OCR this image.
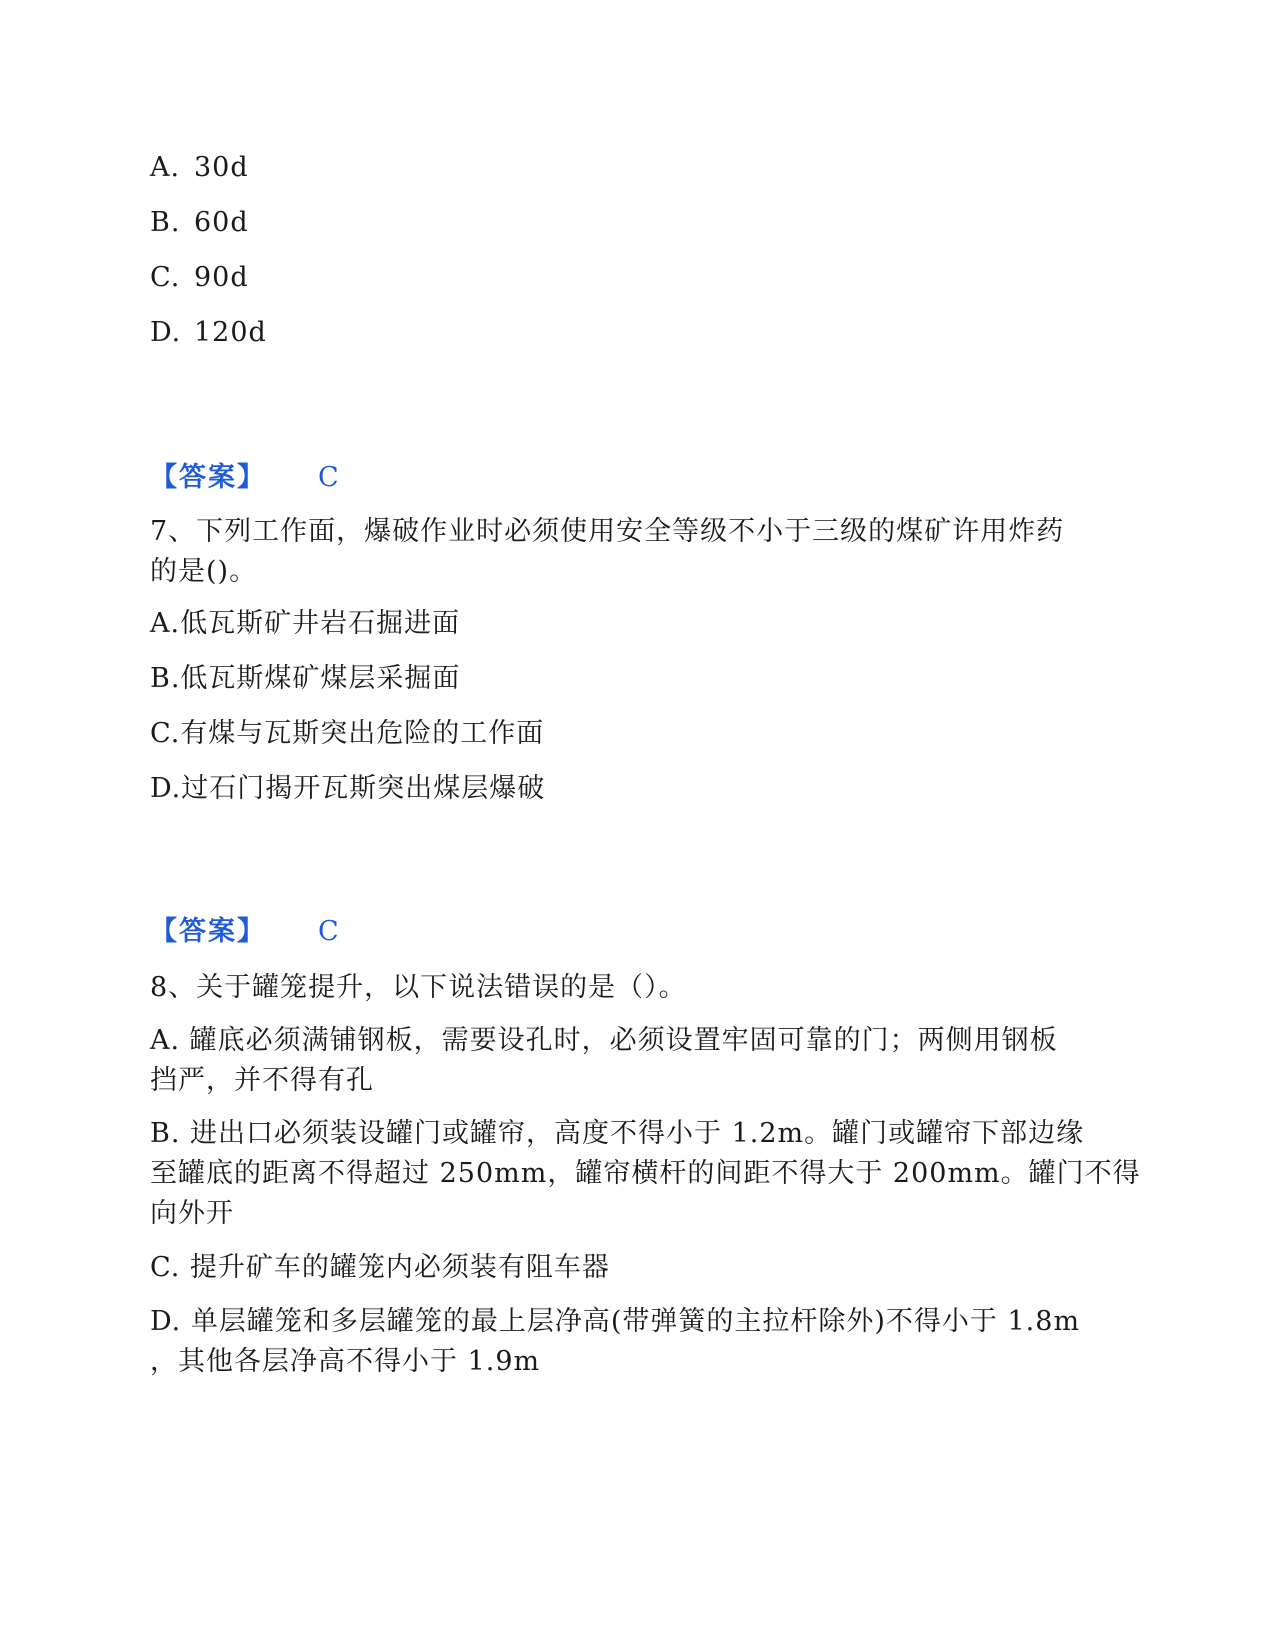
A. 30d
B. 60d
C. 90d
D. 120d
【答案】 C
7、下列工作面，爆破作业时必须使用安全等级不小于三级的煤矿许用炸药
的是()。
A.低瓦斯矿井岩石掘进面
B.低瓦斯煤矿煤层采掘面
C.有煤与瓦斯突出危险的工作面
D.过石门揭开瓦斯突出煤层爆破
【答案】 C
8、关于罐笼提升，以下说法错误的是（）。
A. 罐底必须满铺钢板，需要设孔时，必须设置牢固可靠的门；两侧用钢板
挡严，并不得有孔
B. 进出口必须装设罐门或罐帘，高度不得小于 1.2m。罐门或罐帘下部边缘
至罐底的距离不得超过 250mm，罐帘横杆的间距不得大于 200mm。罐门不得
向外开
C. 提升矿车的罐笼内必须装有阻车器
D. 单层罐笼和多层罐笼的最上层净高(带弹簧的主拉杆除外)不得小于 1.8m
，其他各层净高不得小于 1.9m
